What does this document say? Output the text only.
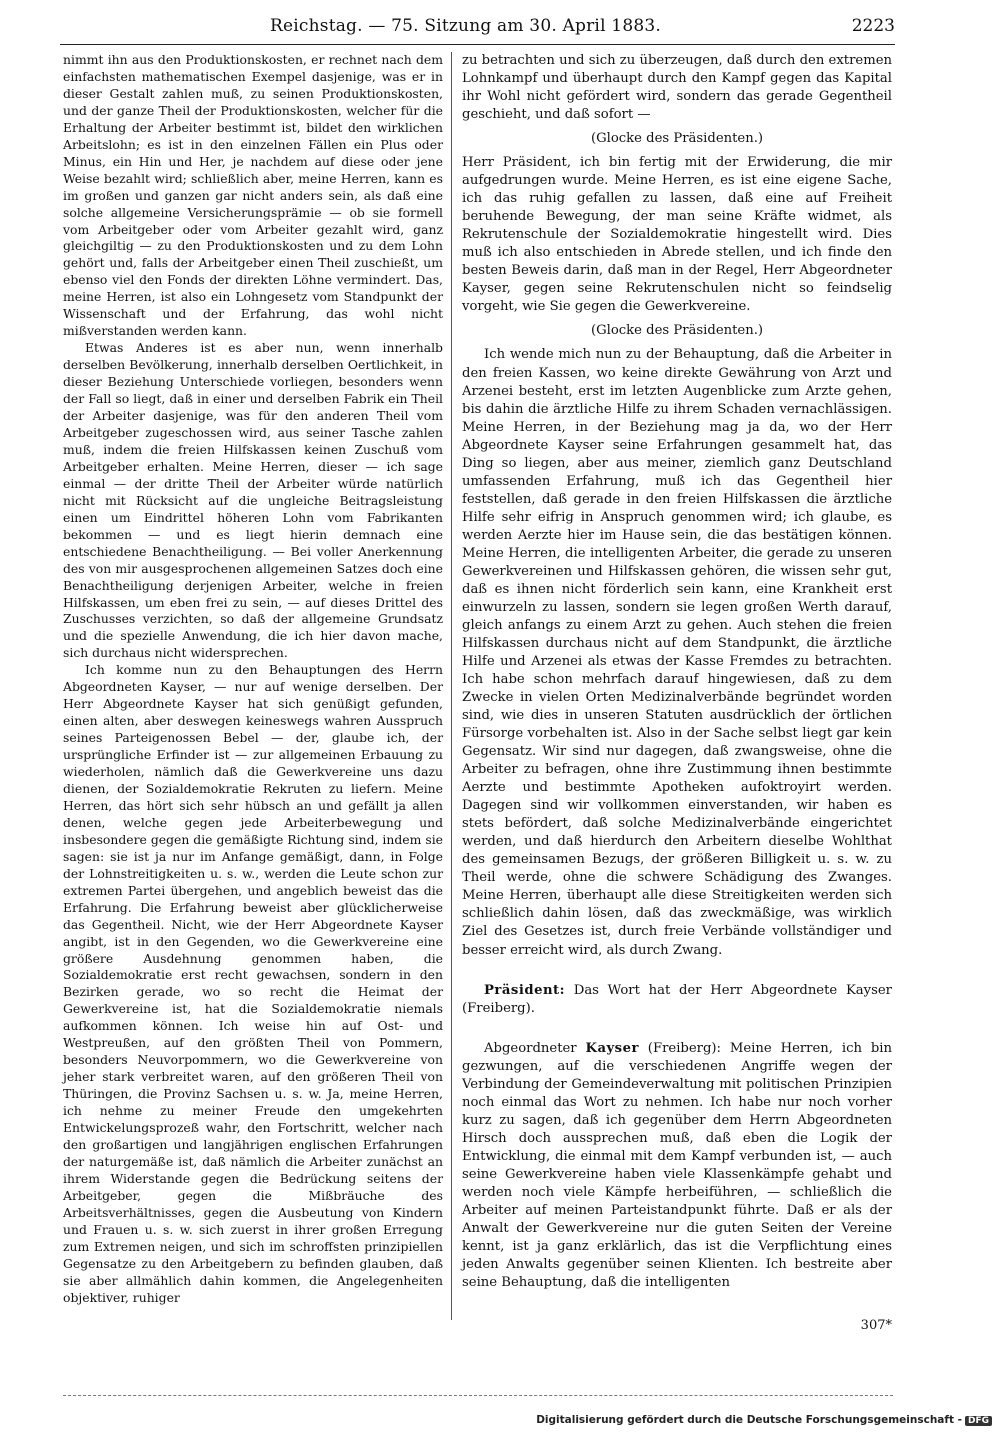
Reichstag. — 75. Sitzung am 30. April 1883.	2223

nimmt ihn aus den Produktionskosten, er rechnet nach dem einfachsten mathematischen Exempel dasjenige, was er in dieser Gestalt zahlen muß, zu seinen Produktionskosten, und der ganze Theil der Produktionskosten, welcher für die Erhaltung der Arbeiter bestimmt ist, bildet den wirklichen Arbeitslohn; es ist in den einzelnen Fällen ein Plus oder Minus, ein Hin und Her, je nachdem auf diese oder jene Weise bezahlt wird; schließlich aber, meine Herren, kann es im großen und ganzen gar nicht anders sein, als daß eine solche allgemeine Versicherungsprämie — ob sie formell vom Arbeitgeber oder vom Arbeiter gezahlt wird, ganz gleichgiltig — zu den Produktionskosten und zu dem Lohn gehört und, falls der Arbeitgeber einen Theil zuschießt, um ebenso viel den Fonds der direkten Löhne vermindert. Das, meine Herren, ist also ein Lohngesetz vom Standpunkt der Wissenschaft und der Erfahrung, das wohl nicht mißverstanden werden kann.

Etwas Anderes ist es aber nun, wenn innerhalb derselben Bevölkerung, innerhalb derselben Oertlichkeit, in dieser Beziehung Unterschiede vorliegen, besonders wenn der Fall so liegt, daß in einer und derselben Fabrik ein Theil der Arbeiter dasjenige, was für den anderen Theil vom Arbeitgeber zugeschossen wird, aus seiner Tasche zahlen muß, indem die freien Hilfskassen keinen Zuschuß vom Arbeitgeber erhalten. Meine Herren, dieser — ich sage einmal — der dritte Theil der Arbeiter würde natürlich nicht mit Rücksicht auf die ungleiche Beitragsleistung einen um Eindrittel höheren Lohn vom Fabrikanten bekommen — und es liegt hierin demnach eine entschiedene Benachtheiligung. — Bei voller Anerkennung des von mir ausgesprochenen allgemeinen Satzes doch eine Benachtheiligung derjenigen Arbeiter, welche in freien Hilfskassen, um eben frei zu sein, — auf dieses Drittel des Zuschusses verzichten, so daß der allgemeine Grundsatz und die spezielle Anwendung, die ich hier davon mache, sich durchaus nicht widersprechen.

Ich komme nun zu den Behauptungen des Herrn Abgeordneten Kayser, — nur auf wenige derselben. Der Herr Abgeordnete Kayser hat sich genüßigt gefunden, einen alten, aber deswegen keineswegs wahren Ausspruch seines Parteigenossen Bebel — der, glaube ich, der ursprüngliche Erfinder ist — zur allgemeinen Erbauung zu wiederholen, nämlich daß die Gewerkvereine uns dazu dienen, der Sozialdemokratie Rekruten zu liefern. Meine Herren, das hört sich sehr hübsch an und gefällt ja allen denen, welche gegen jede Arbeiterbewegung und insbesondere gegen die gemäßigte Richtung sind, indem sie sagen: sie ist ja nur im Anfange gemäßigt, dann, in Folge der Lohnstreitigkeiten u. s. w., werden die Leute schon zur extremen Partei übergehen, und angeblich beweist das die Erfahrung. Die Erfahrung beweist aber glücklicherweise das Gegentheil. Nicht, wie der Herr Abgeordnete Kayser angibt, ist in den Gegenden, wo die Gewerkvereine eine größere Ausdehnung genommen haben, die Sozialdemokratie erst recht gewachsen, sondern in den Bezirken gerade, wo so recht die Heimat der Gewerkvereine ist, hat die Sozialdemokratie niemals aufkommen können. Ich weise hin auf Ost- und Westpreußen, auf den größten Theil von Pommern, besonders Neuvorpommern, wo die Gewerkvereine von jeher stark verbreitet waren, auf den größeren Theil von Thüringen, die Provinz Sachsen u. s. w. Ja, meine Herren, ich nehme zu meiner Freude den umgekehrten Entwickelungsprozeß wahr, den Fortschritt, welcher nach den großartigen und langjährigen englischen Erfahrungen der naturgemäße ist, daß nämlich die Arbeiter zunächst an ihrem Widerstande gegen die Bedrückung seitens der Arbeitgeber, gegen die Mißbräuche des Arbeitsverhältnisses, gegen die Ausbeutung von Kindern und Frauen u. s. w. sich zuerst in ihrer großen Erregung zum Extremen neigen, und sich im schroffsten prinzipiellen Gegensatze zu den Arbeitgebern zu befinden glauben, daß sie aber allmählich dahin kommen, die Angelegenheiten objektiver, ruhiger

zu betrachten und sich zu überzeugen, daß durch den extremen Lohnkampf und überhaupt durch den Kampf gegen das Kapital ihr Wohl nicht gefördert wird, sondern das gerade Gegentheil geschieht, und daß sofort —

(Glocke des Präsidenten.)

Herr Präsident, ich bin fertig mit der Erwiderung, die mir aufgedrungen wurde. Meine Herren, es ist eine eigene Sache, ich das ruhig gefallen zu lassen, daß eine auf Freiheit beruhende Bewegung, der man seine Kräfte widmet, als Rekrutenschule der Sozialdemokratie hingestellt wird. Dies muß ich also entschieden in Abrede stellen, und ich finde den besten Beweis darin, daß man in der Regel, Herr Abgeordneter Kayser, gegen seine Rekrutenschulen nicht so feindselig vorgeht, wie Sie gegen die Gewerkvereine.

(Glocke des Präsidenten.)

Ich wende mich nun zu der Behauptung, daß die Arbeiter in den freien Kassen, wo keine direkte Gewährung von Arzt und Arzenei besteht, erst im letzten Augenblicke zum Arzte gehen, bis dahin die ärztliche Hilfe zu ihrem Schaden vernachlässigen. Meine Herren, in der Beziehung mag ja da, wo der Herr Abgeordnete Kayser seine Erfahrungen gesammelt hat, das Ding so liegen, aber aus meiner, ziemlich ganz Deutschland umfassenden Erfahrung, muß ich das Gegentheil hier feststellen, daß gerade in den freien Hilfskassen die ärztliche Hilfe sehr eifrig in Anspruch genommen wird; ich glaube, es werden Aerzte hier im Hause sein, die das bestätigen können. Meine Herren, die intelligenten Arbeiter, die gerade zu unseren Gewerkvereinen und Hilfskassen gehören, die wissen sehr gut, daß es ihnen nicht förderlich sein kann, eine Krankheit erst einwurzeln zu lassen, sondern sie legen großen Werth darauf, gleich anfangs zu einem Arzt zu gehen. Auch stehen die freien Hilfskassen durchaus nicht auf dem Standpunkt, die ärztliche Hilfe und Arzenei als etwas der Kasse Fremdes zu betrachten. Ich habe schon mehrfach darauf hingewiesen, daß zu dem Zwecke in vielen Orten Medizinalverbände begründet worden sind, wie dies in unseren Statuten ausdrücklich der örtlichen Fürsorge vorbehalten ist. Also in der Sache selbst liegt gar kein Gegensatz. Wir sind nur dagegen, daß zwangsweise, ohne die Arbeiter zu befragen, ohne ihre Zustimmung ihnen bestimmte Aerzte und bestimmte Apotheken aufoktroyirt werden. Dagegen sind wir vollkommen einverstanden, wir haben es stets befördert, daß solche Medizinalverbände eingerichtet werden, und daß hierdurch den Arbeitern dieselbe Wohlthat des gemeinsamen Bezugs, der größeren Billigkeit u. s. w. zu Theil werde, ohne die schwere Schädigung des Zwanges. Meine Herren, überhaupt alle diese Streitigkeiten werden sich schließlich dahin lösen, daß das zweckmäßige, was wirklich Ziel des Gesetzes ist, durch freie Verbände vollständiger und besser erreicht wird, als durch Zwang.

Präsident: Das Wort hat der Herr Abgeordnete Kayser (Freiberg).

Abgeordneter Kayser (Freiberg): Meine Herren, ich bin gezwungen, auf die verschiedenen Angriffe wegen der Verbindung der Gemeindeverwaltung mit politischen Prinzipien noch einmal das Wort zu nehmen. Ich habe nur noch vorher kurz zu sagen, daß ich gegenüber dem Herrn Abgeordneten Hirsch doch aussprechen muß, daß eben die Logik der Entwicklung, die einmal mit dem Kampf verbunden ist, — auch seine Gewerkvereine haben viele Klassenkämpfe gehabt und werden noch viele Kämpfe herbeiführen, — schließlich die Arbeiter auf meinen Parteistandpunkt führte. Daß er als der Anwalt der Gewerkvereine nur die guten Seiten der Vereine kennt, ist ja ganz erklärlich, das ist die Verpflichtung eines jeden Anwalts gegenüber seinen Klienten. Ich bestreite aber seine Behauptung, daß die intelligenten

307*
Digitalisierung gefördert durch die Deutsche Forschungsgemeinschaft - DFG
